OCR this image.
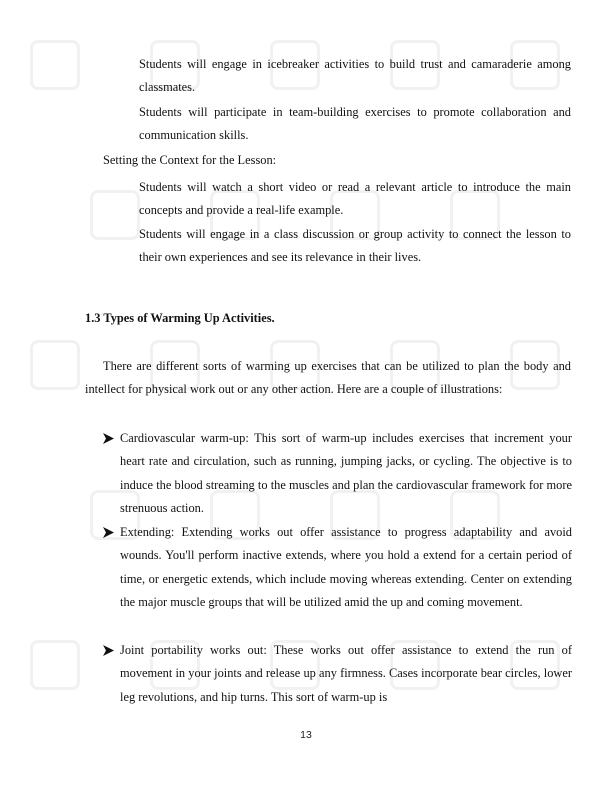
Students will engage in icebreaker activities to build trust and camaraderie among classmates.

Students will participate in team-building exercises to promote collaboration and communication skills.

Setting the Context for the Lesson:

Students will watch a short video or read a relevant article to introduce the main concepts and provide a real-life example.

Students will engage in a class discussion or group activity to connect the lesson to their own experiences and see its relevance in their lives.

1.3 Types of Warming Up Activities.

There are different sorts of warming up exercises that can be utilized to plan the body and intellect for physical work out or any other action. Here are a couple of illustrations:

Cardiovascular warm-up: This sort of warm-up includes exercises that increment your heart rate and circulation, such as running, jumping jacks, or cycling. The objective is to induce the blood streaming to the muscles and plan the cardiovascular framework for more strenuous action.

Extending: Extending works out offer assistance to progress adaptability and avoid wounds. You'll perform inactive extends, where you hold a extend for a certain period of time, or energetic extends, which include moving whereas extending. Center on extending the major muscle groups that will be utilized amid the up and coming movement.

Joint portability works out: These works out offer assistance to extend the run of movement in your joints and release up any firmness. Cases incorporate bear circles, lower leg revolutions, and hip turns. This sort of warm-up is

13
